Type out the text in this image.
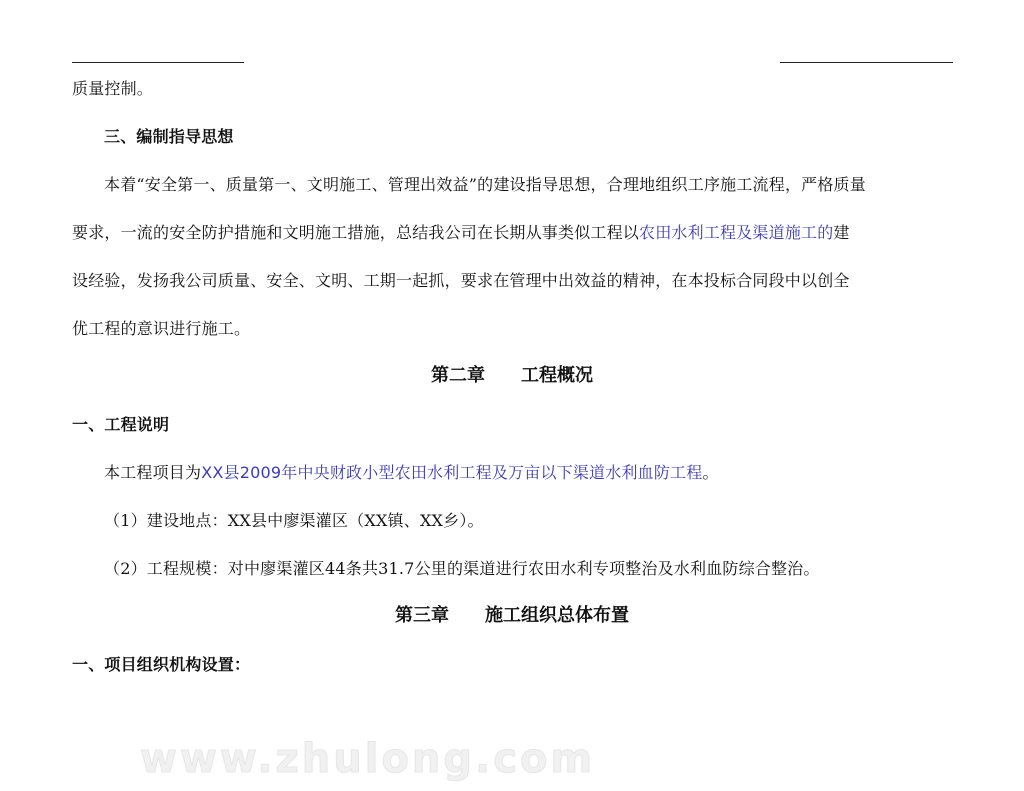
质量控制。
三、编制指导思想
本着“安全第一、质量第一、文明施工、管理出效益”的建设指导思想，合理地组织工序施工流程，严格质量
要求，一流的安全防护措施和文明施工措施，总结我公司在长期从事类似工程以农田水利工程及渠道施工的建
设经验，发扬我公司质量、安全、文明、工期一起抓，要求在管理中出效益的精神，在本投标合同段中以创全
优工程的意识进行施工。
第二章　　工程概况
一、工程说明
本工程项目为XX县2009年中央财政小型农田水利工程及万亩以下渠道水利血防工程。
（1）建设地点：XX县中廖渠灌区（XX镇、XX乡）。
（2）工程规模：对中廖渠灌区44条共31.7公里的渠道进行农田水利专项整治及水利血防综合整治。
第三章　　施工组织总体布置
一、项目组织机构设置：
www.zhulong.com
